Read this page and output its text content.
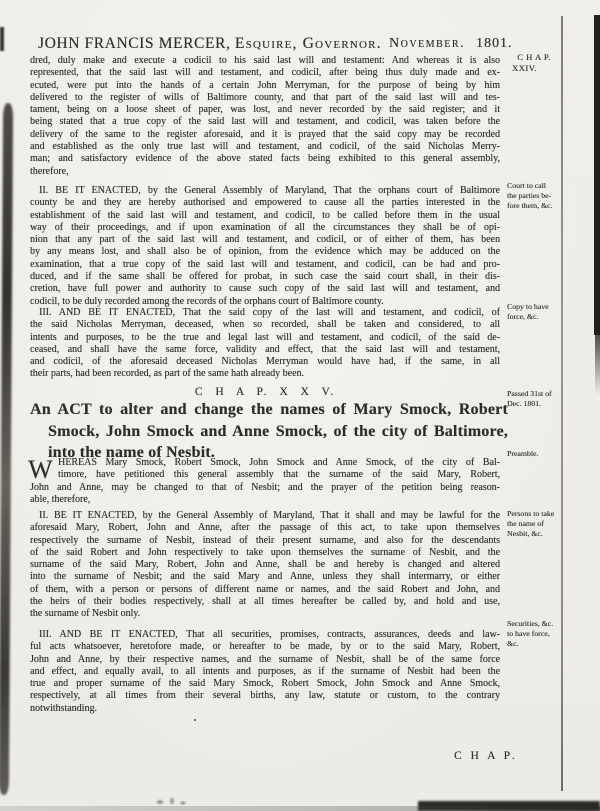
JOHN FRANCIS MERCER, Esquire, Governor. November. 1801.
dred, duly make and execute a codicil to his said last will and testament: And whereas it is also
represented, that the said last will and testament, and codicil, after being thus duly made and ex-
ecuted, were put into the hands of a certain John Merryman, for the purpose of being by him
delivered to the register of wills of Baltimore county, and that part of the said last will and tes-
tament, being on a loose sheet of paper, was lost, and never recorded by the said register; and it
being stated that a true copy of the said last will and testament, and codicil, was taken before the
delivery of the same to the register aforesaid, and it is prayed that the said copy may be recorded
and established as the only true last will and testament, and codicil, of the said Nicholas Merry-
man; and satisfactory evidence of the above stated facts being exhibited to this general assembly,
therefore,
II. BE IT ENACTED, by the General Assembly of Maryland, That the orphans court of Baltimore
county be and they are hereby authorised and empowered to cause all the parties interested in the
establishment of the said last will and testament, and codicil, to be called before them in the usual
way of their proceedings, and if upon examination of all the circumstances they shall be of opi-
nion that any part of the said last will and testament, and codicil, or of either of them, has been
by any means lost, and shall also be of opinion, from the evidence which may be adduced on the
examination, that a true copy of the said last will and testament, and codicil, can be had and pro-
duced, and if the same shall be offered for probat, in such case the said court shall, in their dis-
cretion, have full power and authority to cause such copy of the said last will and testament, and
codicil, to be duly recorded among the records of the orphans court of Baltimore county.
III. AND BE IT ENACTED, That the said copy of the last will and testament, and codicil, of
the said Nicholas Merryman, deceased, when so recorded, shall be taken and considered, to all
intents and purposes, to be the true and legal last will and testament, and codicil, of the said de-
ceased, and shall have the same force, validity and effect, that the said last will and testament,
and codicil, of the aforesaid deceased Nicholas Merryman would have had, if the same, in all
their parts, had been recorded, as part of the same hath already been.
C H A P. X X V.
An ACT to alter and change the names of Mary Smock, Robert
Smock, John Smock and Anne Smock, of the city of Baltimore,
into the name of Nesbit.
HEREAS Mary Smock, Robert Smock, John Smock and Anne Smock, of the city of Bal-
timore, have petitioned this general assembly that the surname of the said Mary, Robert,
John and Anne, may be changed to that of Nesbit; and the prayer of the petition being reason-
able, therefore,
W
II. BE IT ENACTED, by the General Assembly of Maryland, That it shall and may be lawful for the
aforesaid Mary, Robert, John and Anne, after the passage of this act, to take upon themselves
respectively the surname of Nesbit, instead of their present surname, and also for the descendants
of the said Robert and John respectively to take upon themselves the surname of Nesbit, and the
surname of the said Mary, Robert, John and Anne, shall be and hereby is changed and altered
into the surname of Nesbit; and the said Mary and Anne, unless they shall intermarry, or either
of them, with a person or persons of different name or names, and the said Robert and John, and
the heirs of their bodies respectively, shall at all times hereafter be called by, and hold and use,
the surname of Nesbit only.
III. AND BE IT ENACTED, That all securities, promises, contracts, assurances, deeds and law-
ful acts whatsoever, heretofore made, or hereafter to be made, by or to the said Mary, Robert,
John and Anne, by their respective names, and the surname of Nesbit, shall be of the same force
and effect, and equally avail, to all intents and purposes, as if the surname of Nesbit had been the
true and proper surname of the said Mary Smock, Robert Smock, John Smock and Anne Smock,
respectively, at all times from their several births, any law, statute or custom, to the contrary
notwithstanding.
C H A P.
XXIV.
Court to call
the parties be-
fore them, &c.
Copy to have
force, &c.
Passed 31st of
Dec. 1801.
Preamble.
Persons to take
the name of
Nesbit, &c.
Securities, &c.
to have force,
&c.
C H A P.
